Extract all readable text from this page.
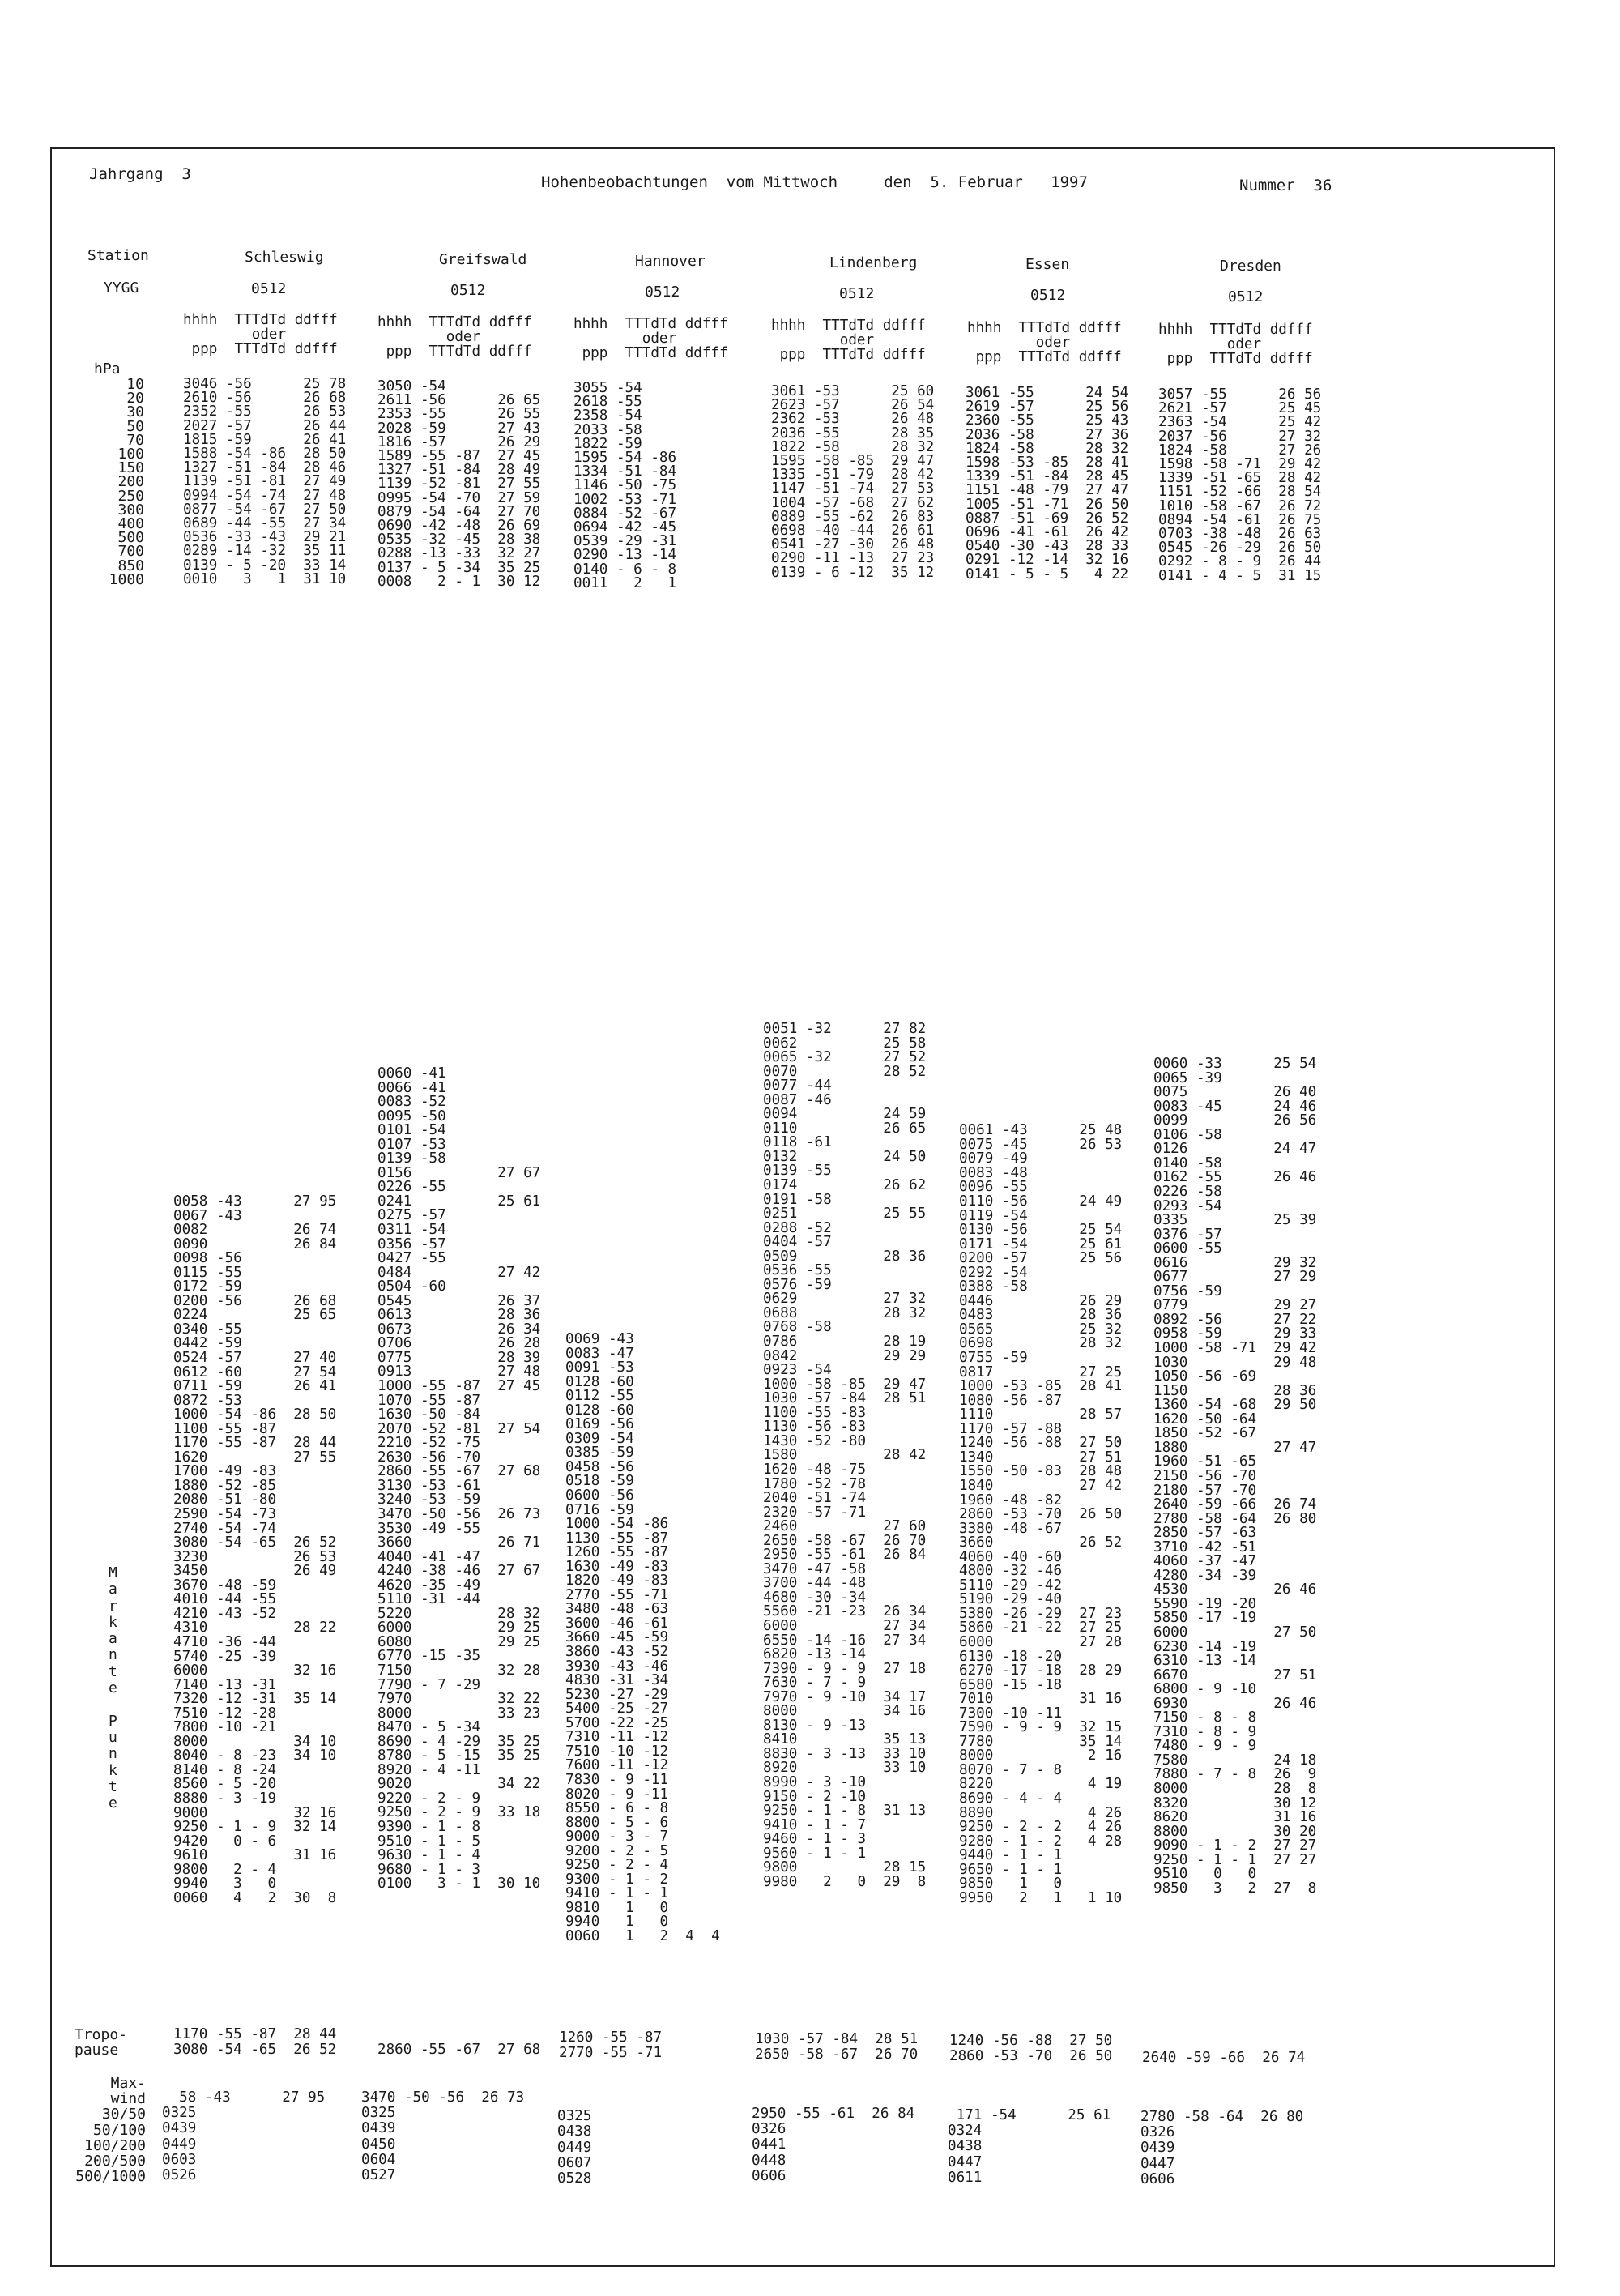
Jahrgang  3	Hohenbeobachtungen  vom Mittwoch     den  5. Februar   1997	Nummer  36
Station
YYGG
hPa
10
20
30
50
70
100
150
200
250
300
400
500
700
850
1000
M
a
r
k
a
n
t
e

P
u
n
k
t
e
Tropo-
pause
Max-
wind
30/50
50/100
100/200
200/500
500/1000
Schleswig
0512
hhhh  TTTdTd ddfff
oder
ppp  TTTdTd ddfff
3046 -56      25 78
2610 -56      26 68
2352 -55      26 53
2027 -57      26 44
1815 -59      26 41
1588 -54 -86  28 50
1327 -51 -84  28 46
1139 -51 -81  27 49
0994 -54 -74  27 48
0877 -54 -67  27 50
0689 -44 -55  27 34
0536 -33 -43  29 21
0289 -14 -32  35 11
0139 - 5 -20  33 14
0010   3   1  31 10
0058 -43      27 95
0067 -43
0082          26 74
0090          26 84
0098 -56
0115 -55
0172 -59
0200 -56      26 68
0224          25 65
0340 -55
0442 -59
0524 -57      27 40
0612 -60      27 54
0711 -59      26 41
0872 -53
1000 -54 -86  28 50
1100 -55 -87
1170 -55 -87  28 44
1620          27 55
1700 -49 -83
1880 -52 -85
2080 -51 -80
2590 -54 -73
2740 -54 -74
3080 -54 -65  26 52
3230          26 53
3450          26 49
3670 -48 -59
4010 -44 -55
4210 -43 -52
4310          28 22
4710 -36 -44
5740 -25 -39
6000          32 16
7140 -13 -31
7320 -12 -31  35 14
7510 -12 -28
7800 -10 -21
8000          34 10
8040 - 8 -23  34 10
8140 - 8 -24
8560 - 5 -20
8880 - 3 -19
9000          32 16
9250 - 1 - 9  32 14
9420   0 - 6
9610          31 16
9800   2 - 4
9940   3   0
0060   4   2  30  8
1170 -55 -87  28 44
3080 -54 -65  26 52
58 -43      27 95
0325
0439
0449
0603
0526
Greifswald
0512
hhhh  TTTdTd ddfff
oder
ppp  TTTdTd ddfff
3050 -54
2611 -56      26 65
2353 -55      26 55
2028 -59      27 43
1816 -57      26 29
1589 -55 -87  27 45
1327 -51 -84  28 49
1139 -52 -81  27 55
0995 -54 -70  27 59
0879 -54 -64  27 70
0690 -42 -48  26 69
0535 -32 -45  28 38
0288 -13 -33  32 27
0137 - 5 -34  35 25
0008   2 - 1  30 12
0060 -41
0066 -41
0083 -52
0095 -50
0101 -54
0107 -53
0139 -58
0156          27 67
0226 -55
0241          25 61
0275 -57
0311 -54
0356 -57
0427 -55
0484          27 42
0504 -60
0545          26 37
0613          28 36
0673          26 34
0706          26 28
0775          28 39
0913          27 48
1000 -55 -87  27 45
1070 -55 -87
1630 -50 -84
2070 -52 -81  27 54
2210 -52 -75
2630 -56 -70
2860 -55 -67  27 68
3130 -53 -61
3240 -53 -59
3470 -50 -56  26 73
3530 -49 -55
3660          26 71
4040 -41 -47
4240 -38 -46  27 67
4620 -35 -49
5110 -31 -44
5220          28 32
6000          29 25
6080          29 25
6770 -15 -35
7150          32 28
7790 - 7 -29
7970          32 22
8000          33 23
8470 - 5 -34
8690 - 4 -29  35 25
8780 - 5 -15  35 25
8920 - 4 -11
9020          34 22
9220 - 2 - 9
9250 - 2 - 9  33 18
9390 - 1 - 8
9510 - 1 - 5
9630 - 1 - 4
9680 - 1 - 3
0100   3 - 1  30 10

2860 -55 -67  27 68
3470 -50 -56  26 73
0325
0439
0450
0604
0527
Hannover
0512
hhhh  TTTdTd ddfff
oder
ppp  TTTdTd ddfff
3055 -54
2618 -55
2358 -54
2033 -58
1822 -59
1595 -54 -86
1334 -51 -84
1146 -50 -75
1002 -53 -71
0884 -52 -67
0694 -42 -45
0539 -29 -31
0290 -13 -14
0140 - 6 - 8
0011   2   1
0069 -43
0083 -47
0091 -53
0128 -60
0112 -55
0128 -60
0169 -56
0309 -54
0385 -59
0458 -56
0518 -59
0600 -56
0716 -59
1000 -54 -86
1130 -55 -87
1260 -55 -87
1630 -49 -83
1820 -49 -83
2770 -55 -71
3480 -48 -63
3600 -46 -61
3660 -45 -59
3860 -43 -52
3930 -43 -46
4830 -31 -34
5230 -27 -29
5400 -25 -27
5700 -22 -25
7310 -11 -12
7510 -10 -12
7600 -11 -12
7830 - 9 -11
8020 - 9 -11
8550 - 6 - 8
8800 - 5 - 6
9000 - 3 - 7
9200 - 2 - 5
9250 - 2 - 4
9300 - 1 - 2
9410 - 1 - 1
9810   1   0
9940   1   0
0060   1   2  4  4
1260 -55 -87
2770 -55 -71

0325
0438
0449
0607
0528
Lindenberg
0512
hhhh  TTTdTd ddfff
oder
ppp  TTTdTd ddfff
3061 -53      25 60
2623 -57      26 54
2362 -53      26 48
2036 -55      28 35
1822 -58      28 32
1595 -58 -85  29 47
1335 -51 -79  28 42
1147 -51 -74  27 53
1004 -57 -68  27 62
0889 -55 -62  26 83
0698 -40 -44  26 61
0541 -27 -30  26 48
0290 -11 -13  27 23
0139 - 6 -12  35 12
0051 -32      27 82
0062          25 58
0065 -32      27 52
0070          28 52
0077 -44
0087 -46
0094          24 59
0110          26 65
0118 -61
0132          24 50
0139 -55
0174          26 62
0191 -58
0251          25 55
0288 -52
0404 -57
0509          28 36
0536 -55
0576 -59
0629          27 32
0688          28 32
0768 -58
0786          28 19
0842          29 29
0923 -54
1000 -58 -85  29 47
1030 -57 -84  28 51
1100 -55 -83
1130 -56 -83
1430 -52 -80
1580          28 42
1620 -48 -75
1780 -52 -78
2040 -51 -74
2320 -57 -71
2460          27 60
2650 -58 -67  26 70
2950 -55 -61  26 84
3470 -47 -58
3700 -44 -48
4680 -30 -34
5560 -21 -23  26 34
6000          27 34
6550 -14 -16  27 34
6820 -13 -14
7390 - 9 - 9  27 18
7630 - 7 - 9
7970 - 9 -10  34 17
8000          34 16
8130 - 9 -13
8410          35 13
8830 - 3 -13  33 10
8920          33 10
8990 - 3 -10
9150 - 2 -10
9250 - 1 - 8  31 13
9410 - 1 - 7
9460 - 1 - 3
9560 - 1 - 1
9800          28 15
9980   2   0  29  8
1030 -57 -84  28 51
2650 -58 -67  26 70
2950 -55 -61  26 84
0326
0441
0448
0606
Essen
0512
hhhh  TTTdTd ddfff
oder
ppp  TTTdTd ddfff
3061 -55      24 54
2619 -57      25 56
2360 -55      25 43
2036 -58      27 36
1824 -58      28 32
1598 -53 -85  28 41
1339 -51 -84  28 45
1151 -48 -79  27 47
1005 -51 -71  26 50
0887 -51 -69  26 52
0696 -41 -61  26 42
0540 -30 -43  28 33
0291 -12 -14  32 16
0141 - 5 - 5   4 22

0061 -43      25 48
0075 -45      26 53
0079 -49
0083 -48
0096 -55
0110 -56      24 49
0119 -54
0130 -56      25 54
0171 -54      25 61
0200 -57      25 56
0292 -54
0388 -58
0446          26 29
0483          28 36
0565          25 32
0698          28 32
0755 -59
0817          27 25
1000 -53 -85  28 41
1080 -56 -87
1110          28 57
1170 -57 -88
1240 -56 -88  27 50
1340          27 51
1550 -50 -83  28 48
1840          27 42
1960 -48 -82
2860 -53 -70  26 50
3380 -48 -67
3660          26 52
4060 -40 -60
4800 -32 -46
5110 -29 -42
5190 -29 -40
5380 -26 -29  27 23
5860 -21 -22  27 25
6000          27 28
6130 -18 -20
6270 -17 -18  28 29
6580 -15 -18
7010          31 16
7300 -10 -11
7590 - 9 - 9  32 15
7780          35 14
8000           2 16
8070 - 7 - 8
8220           4 19
8690 - 4 - 4
8890           4 26
9250 - 2 - 2   4 26
9280 - 1 - 2   4 28
9440 - 1 - 1
9650 - 1 - 1
9850   1   0
9950   2   1   1 10
1240 -56 -88  27 50
2860 -53 -70  26 50
171 -54      25 61
0324
0438
0447
0611
Dresden
0512
hhhh  TTTdTd ddfff
oder
ppp  TTTdTd ddfff
3057 -55      26 56
2621 -57      25 45
2363 -54      25 42
2037 -56      27 32
1824 -58      27 26
1598 -58 -71  29 42
1339 -51 -65  28 42
1151 -52 -66  28 54
1010 -58 -67  26 72
0894 -54 -61  26 75
0703 -38 -48  26 63
0545 -26 -29  26 50
0292 - 8 - 9  26 44
0141 - 4 - 5  31 15

0060 -33      25 54
0065 -39
0075          26 40
0083 -45      24 46
0099          26 56
0106 -58
0126          24 47
0140 -58
0162 -55      26 46
0226 -58
0293 -54
0335          25 39
0376 -57
0600 -55
0616          29 32
0677          27 29
0756 -59
0779          29 27
0892 -56      27 22
0958 -59      29 33
1000 -58 -71  29 42
1030          29 48
1050 -56 -69
1150          28 36
1360 -54 -68  29 50
1620 -50 -64
1850 -52 -67
1880          27 47
1960 -51 -65
2150 -56 -70
2180 -57 -70
2640 -59 -66  26 74
2780 -58 -64  26 80
2850 -57 -63
3710 -42 -51
4060 -37 -47
4280 -34 -39
4530          26 46
5590 -19 -20
5850 -17 -19
6000          27 50
6230 -14 -19
6310 -13 -14
6670          27 51
6800 - 9 -10
6930          26 46
7150 - 8 - 8
7310 - 8 - 9
7480 - 9 - 9
7580          24 18
7880 - 7 - 8  26  9
8000          28  8
8320          30 12
8620          31 16
8800          30 20
9090 - 1 - 2  27 27
9250 - 1 - 1  27 27
9510   0   0
9850   3   2  27  8

2640 -59 -66  26 74
2780 -58 -64  26 80
0326
0439
0447
0606
